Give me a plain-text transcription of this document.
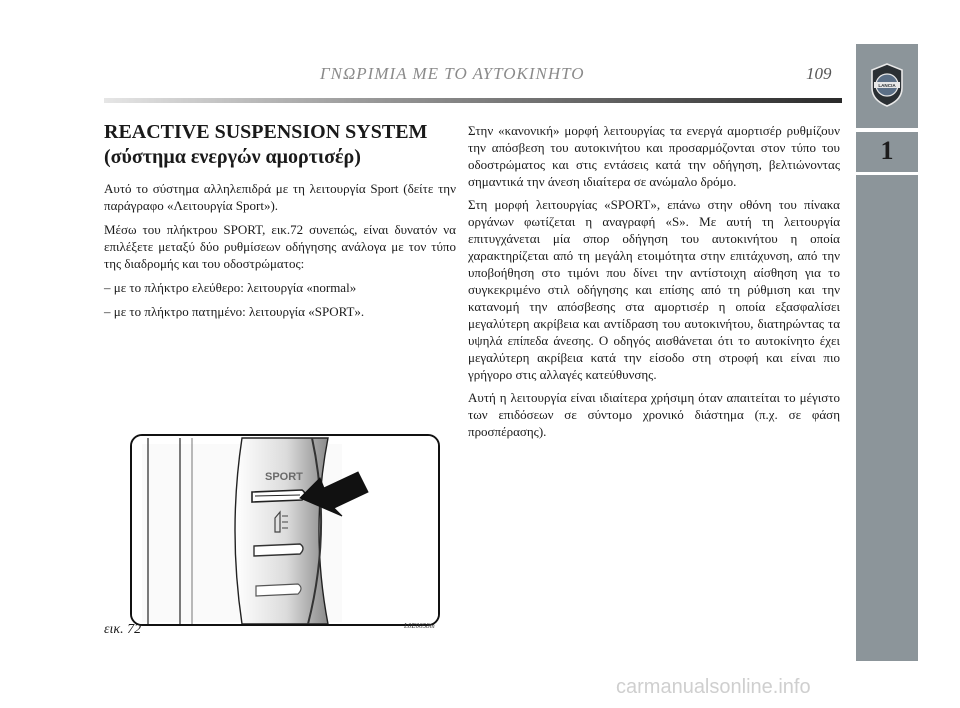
ΓΝΩΡΙΜΙΑ ΜΕ ΤΟ ΑΥΤΟΚΙΝΗΤΟ	109
LANCIA
1
REACTIVE SUSPENSION SYSTEM
(σύστημα ενεργών αμορτισέρ)

Αυτό το σύστημα αλληλεπιδρά με τη λειτουργία Sport (δείτε την παράγραφο «Λειτουργία Sport»).

Μέσω του πλήκτρου SPORT, εικ.72 συνεπώς, είναι δυνατόν να επιλέξετε μεταξύ δύο ρυθμίσεων οδήγησης ανάλογα με τον τύπο της διαδρομής και του οδοστρώματος:

– με το πλήκτρο ελεύθερο: λειτουργία «normal»

– με το πλήκτρο πατημένο: λειτουργία «SPORT».

Στην «κανονική» μορφή λειτουργίας τα ενεργά αμορτισέρ ρυθμίζουν την απόσβεση του αυτοκινήτου και προσαρμόζονται στον τύπο του οδοστρώματος και στις εντάσεις κατά την οδήγηση, βελτιώνοντας σημαντικά την άνεση ιδιαίτερα σε ανώμαλο δρόμο.

Στη μορφή λειτουργίας «SPORT», επάνω στην οθόνη του πίνακα οργάνων φωτίζεται η αναγραφή «S». Με αυτή τη λειτουργία επιτυγχάνεται μία σπορ οδήγηση του αυτοκινήτου η οποία χαρακτηρίζεται από τη μεγάλη ετοιμότητα στην επιτάχυνση, από την υποβοήθηση στο τιμόνι που δίνει την αντίστοιχη αίσθηση για το συγκεκριμένο στιλ οδήγησης και επίσης από τη ρύθμιση και την κατανομή την απόσβεσης στα αμορτισέρ η οποία εξασφαλίσει μεγαλύτερη ακρίβεια και αντίδραση του αυτοκινήτου, διατηρώντας τα υψηλά επίπεδα άνεσης. Ο οδηγός αισθάνεται ότι το αυτοκίνητο έχει μεγαλύτερη ακρίβεια κατά την είσοδο στη στροφή και είναι πιο γρήγορο στις αλλαγές κατεύθυνσης.

Αυτή η λειτουργία είναι ιδιαίτερα χρήσιμη όταν απαιτείται το μέγιστο των επιδόσεων σε σύντομο χρονικό διάστημα (π.χ. σε φάση προσπέρασης).

SPORT
εικ. 72	L0E0058m
carmanualsonline.info
